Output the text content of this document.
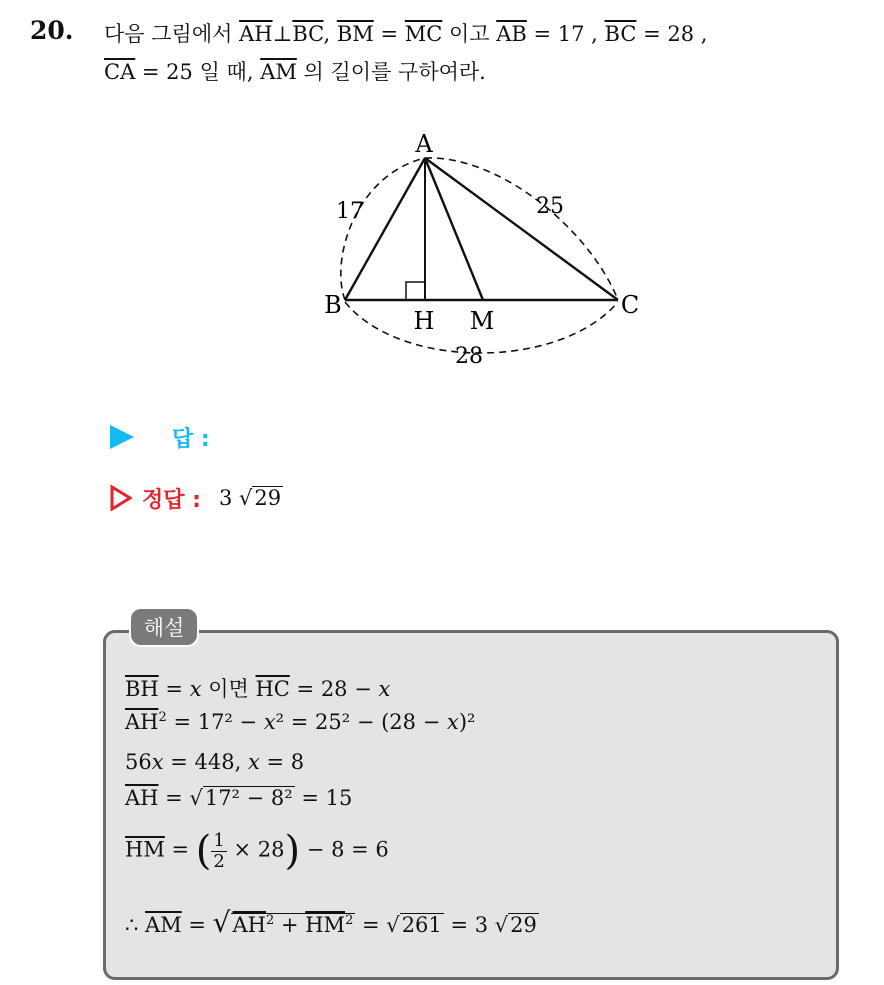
20. 다음 그림에서 $\overline{AH}\perp\overline{BC}$, $\overline{BM} = \overline{MC}$ 이고 $\overline{AB} = 17$ , $\overline{BC} = 28$ ,
$\overline{CA} = 25$ 일 때, $\overline{AM}$ 의 길이를 구하여라.
A
B	C
H M
17	25
28
답 :
정답 : 3 √29
해설
$\overline{BH} = x$ 이면 $\overline{HC} = 28 - x$
$\overline{AH}^2 = 17^2 - x^2 = 25^2 - (28 - x)^2$
56x = 448, x = 8
$\overline{AH} = √17^2 - 8^2 = 15$
$\overline{HM}$ = ( $\frac{1}{2} \times 28) - 8 = 6$
∴ $\overline{AM} = √AH^2 + \overline{HM}^2 = √261 = 3$ √29
